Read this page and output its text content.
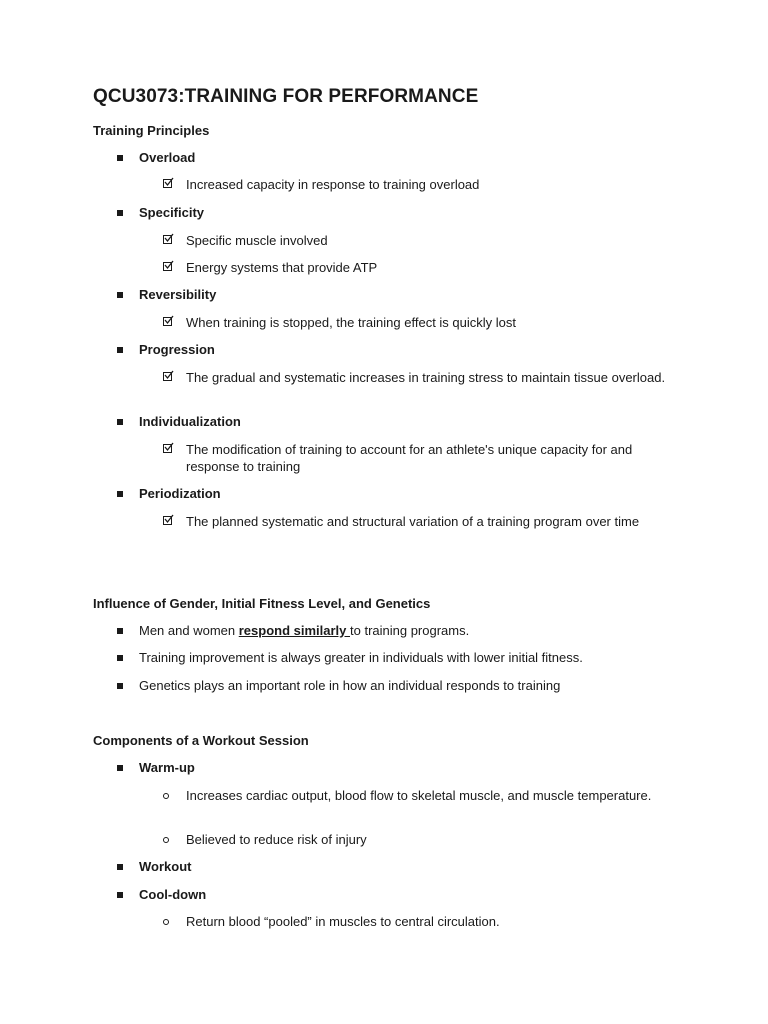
QCU3073:TRAINING FOR PERFORMANCE
Training Principles
Overload
Increased capacity in response to training overload
Specificity
Specific muscle involved
Energy systems that provide ATP
Reversibility
When training is stopped, the training effect is quickly lost
Progression
The gradual and systematic increases in training stress to maintain tissue overload.
Individualization
The modification of training to account for an athlete's unique capacity for and response to training
Periodization
The planned systematic and structural variation of a training program over time
Influence of Gender, Initial Fitness Level, and Genetics
Men and women respond similarly to training programs.
Training improvement is always greater in individuals with lower initial fitness.
Genetics plays an important role in how an individual responds to training
Components of a Workout Session
Warm-up
Increases cardiac output, blood flow to skeletal muscle, and muscle temperature.
Believed to reduce risk of injury
Workout
Cool-down
Return blood “pooled” in muscles to central circulation.
